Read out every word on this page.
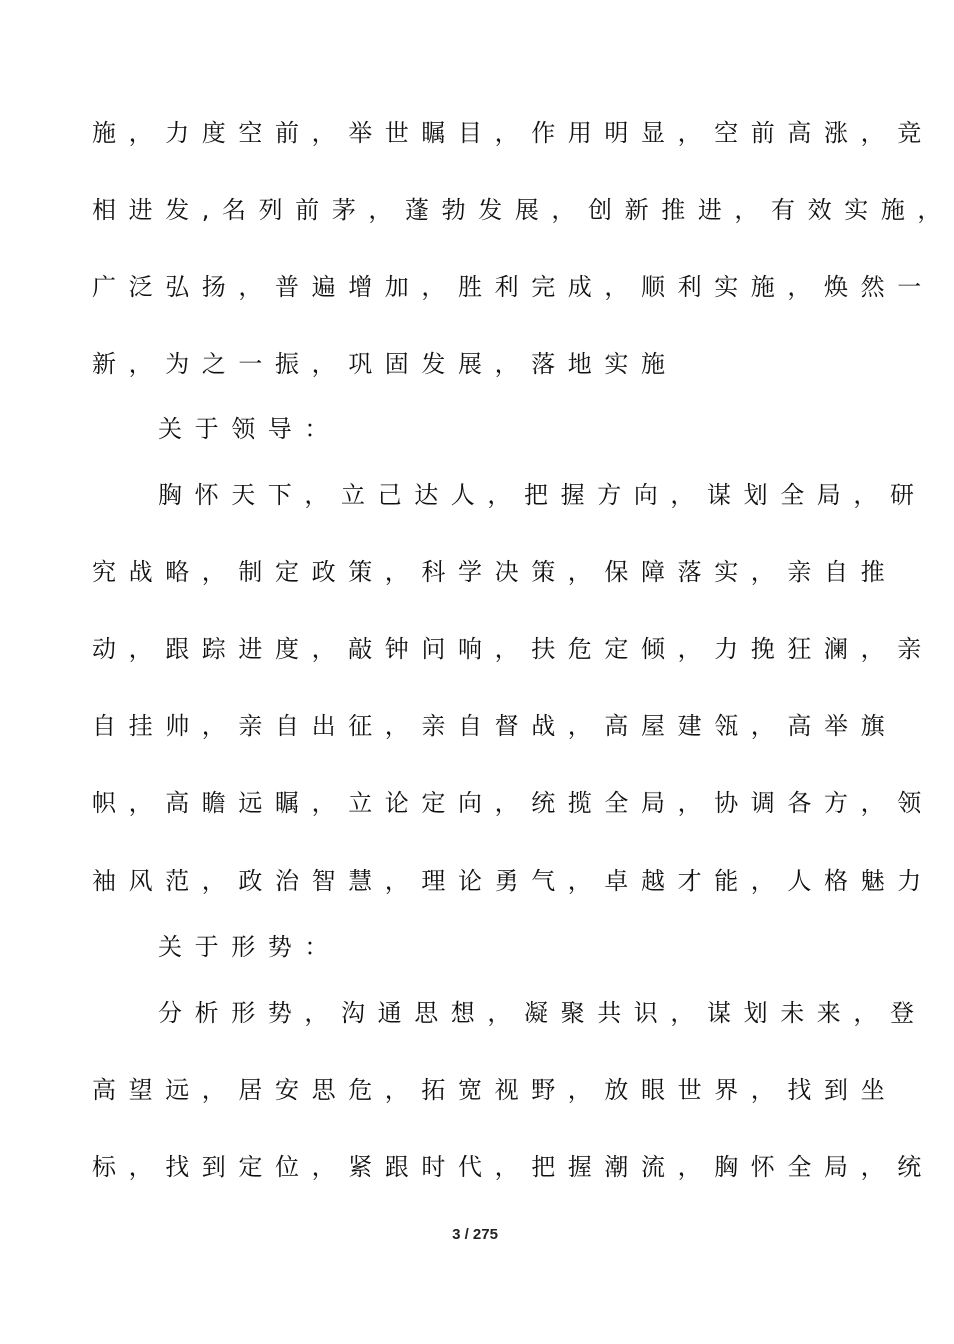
施，力度空前，举世瞩目，作用明显，空前高涨，竞
相进发,名列前茅，蓬勃发展，创新推进，有效实施，
广泛弘扬，普遍增加，胜利完成，顺利实施，焕然一
新，为之一振，巩固发展，落地实施
关于领导：
胸怀天下，立己达人，把握方向，谋划全局，研
究战略，制定政策，科学决策，保障落实，亲自推
动，跟踪进度，敲钟问响，扶危定倾，力挽狂澜，亲
自挂帅，亲自出征，亲自督战，高屋建瓴，高举旗
帜，高瞻远瞩，立论定向，统揽全局，协调各方，领
袖风范，政治智慧，理论勇气，卓越才能，人格魅力
关于形势：
分析形势，沟通思想，凝聚共识，谋划未来，登
高望远，居安思危，拓宽视野，放眼世界，找到坐
标，找到定位，紧跟时代，把握潮流，胸怀全局，统
3 / 275
